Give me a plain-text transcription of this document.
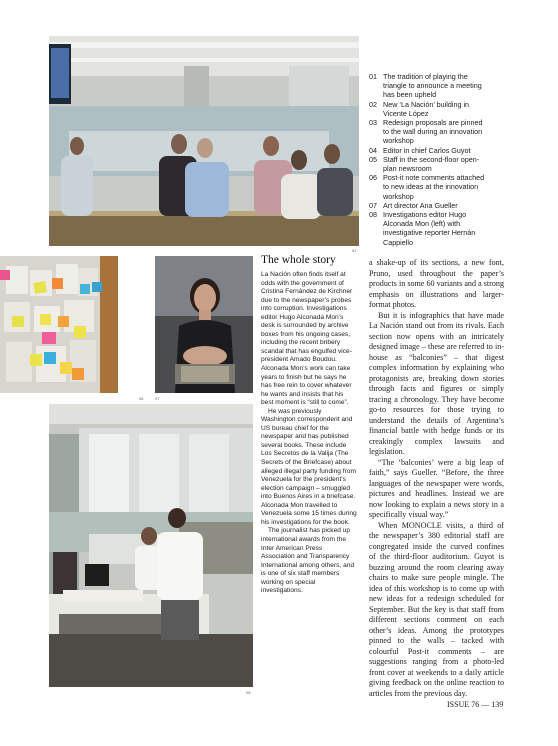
01
01 The tradition of playing the triangle to announce a meeting has been upheld
02 New ‘La Nación’ building in Vicente López
03 Redesign proposals are pinned to the wall during an innovation workshop
04 Editor in chief Carlos Guyot
05 Staff in the second-floor open-plan newsroom
06 Post-it note comments attached to new ideas at the innovation workshop
07 Art director Ana Gueller
08 Investigations editor Hugo Alconada Mon (left) with investigative reporter Hernán Cappiello
06	07
08
The whole story

La Nación often finds itself at odds with the government of Cristina Fernández de Kirchner due to the newspaper’s probes into corruption. Investigations editor Hugo Alconada Mon’s desk is surrounded by archive boxes from his ongoing cases, including the recent bribery scandal that has engulfed vice-president Amado Boudou. Alconada Mon’s work can take years to finish but he says he has free rein to cover whatever he wants and insists that his best moment is “still to come”.

He was previously Washington correspondent and US bureau chief for the newspaper and has published several books. These include Los Secretos de la Valija (The Secrets of the Briefcase) about alleged illegal party funding from Venezuela for the president’s election campaign – smuggled into Buenos Aires in a briefcase. Alconada Mon travelled to Venezuela some 15 times during his investigations for the book.

The journalist has picked up international awards from the Inter American Press Association and Transparency International among others, and is one of six staff members working on special investigations.

a shake-up of its sections, a new font, Pruno, used throughout the paper’s products in some 60 variants and a strong emphasis on illustrations and larger-format photos.

But it is infographics that have made La Nación stand out from its rivals. Each section now opens with an intricately designed image – these are referred to in-house as “balconies” – that digest complex information by explaining who protagonists are, breaking down stories through facts and figures or simply tracing a chronology. They have become go-to resources for those trying to understand the details of Argentina’s financial battle with hedge funds or its creakingly complex lawsuits and legislation.

“The ‘balconies’ were a big leap of faith,” says Gueller. “Before, the three languages of the newspaper were words, pictures and headlines. Instead we are now looking to explain a news story in a specifically visual way.”

When MONOCLE visits, a third of the newspaper’s 380 editorial staff are congregated inside the curved confines of the third-floor auditorium. Guyot is buzzing around the room clearing away chairs to make sure people mingle. The idea of this workshop is to come up with new ideas for a redesign scheduled for September. But the key is that staff from different sections comment on each other’s ideas. Among the prototypes pinned to the walls – tacked with colourful Post-it comments – are suggestions ranging from a photo-led front cover at weekends to a daily article giving feedback on the online reaction to articles from the previous day.

ISSUE 76 — 139
